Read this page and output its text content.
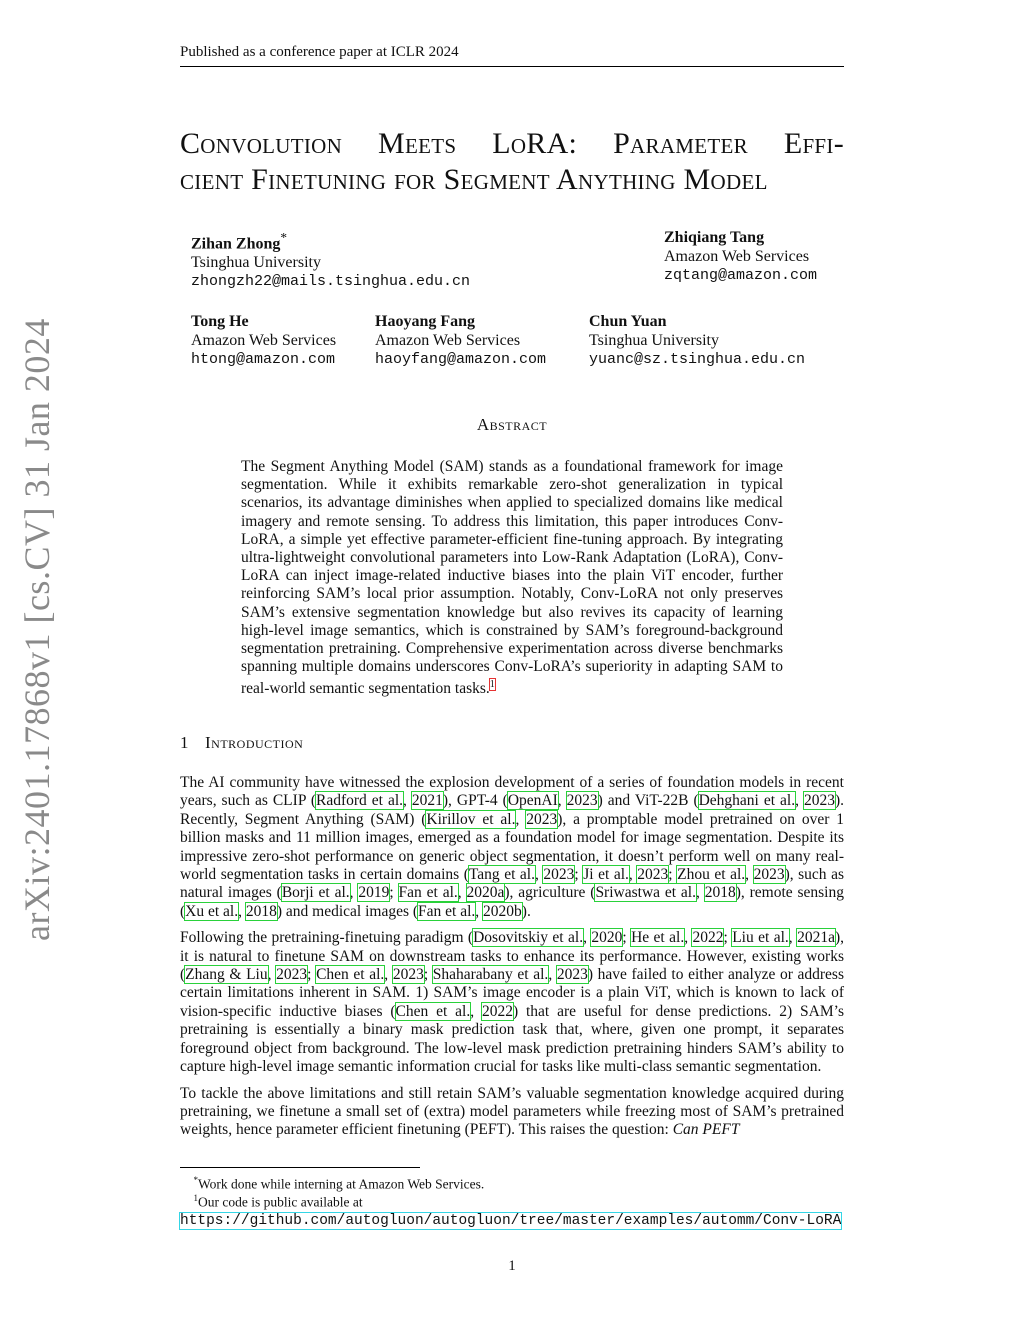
Published as a conference paper at ICLR 2024
arXiv:2401.17868v1 [cs.CV] 31 Jan 2024
Convolution Meets LoRA: Parameter Effi-
cient Finetuning for Segment Anything Model
Zihan Zhong*
Tsinghua University
zhongzh22@mails.tsinghua.edu.cn
Zhiqiang Tang
Amazon Web Services
zqtang@amazon.com
Tong He
Amazon Web Services
htong@amazon.com
Haoyang Fang
Amazon Web Services
haoyfang@amazon.com
Chun Yuan
Tsinghua University
yuanc@sz.tsinghua.edu.cn
Abstract
The Segment Anything Model (SAM) stands as a foundational framework for image segmentation. While it exhibits remarkable zero-shot generalization in typical scenarios, its advantage diminishes when applied to specialized domains like medical imagery and remote sensing. To address this limitation, this paper introduces Conv-LoRA, a simple yet effective parameter-efficient fine-tuning approach. By integrating ultra-lightweight convolutional parameters into Low-Rank Adaptation (LoRA), Conv-LoRA can inject image-related inductive biases into the plain ViT encoder, further reinforcing SAM’s local prior assumption. Notably, Conv-LoRA not only preserves SAM’s extensive segmentation knowledge but also revives its capacity of learning high-level image semantics, which is constrained by SAM’s foreground-background segmentation pretraining. Comprehensive experimentation across diverse benchmarks spanning multiple domains underscores Conv-LoRA’s superiority in adapting SAM to real-world semantic segmentation tasks.$^1$
1 Introduction

The AI community have witnessed the explosion development of a series of foundation models in recent years, such as CLIP (Radford et al., 2021), GPT-4 (OpenAI, 2023) and ViT-22B (Dehghani et al., 2023). Recently, Segment Anything (SAM) (Kirillov et al., 2023), a promptable model pretrained on over 1 billion masks and 11 million images, emerged as a foundation model for image segmentation. Despite its impressive zero-shot performance on generic object segmentation, it doesn’t perform well on many real-world segmentation tasks in certain domains (Tang et al., 2023; Ji et al., 2023; Zhou et al., 2023), such as natural images (Borji et al., 2019; Fan et al., 2020a), agriculture (Sriwastwa et al., 2018), remote sensing (Xu et al., 2018) and medical images (Fan et al., 2020b).

Following the pretraining-finetuing paradigm (Dosovitskiy et al., 2020; He et al., 2022; Liu et al., 2021a), it is natural to finetune SAM on downstream tasks to enhance its performance. However, existing works (Zhang & Liu, 2023; Chen et al., 2023; Shaharabany et al., 2023) have failed to either analyze or address certain limitations inherent in SAM. 1) SAM’s image encoder is a plain ViT, which is known to lack of vision-specific inductive biases (Chen et al., 2022) that are useful for dense predictions. 2) SAM’s pretraining is essentially a binary mask prediction task that, where, given one prompt, it separates foreground object from background. The low-level mask prediction pretraining hinders SAM’s ability to capture high-level image semantic information crucial for tasks like multi-class semantic segmentation.

To tackle the above limitations and still retain SAM’s valuable segmentation knowledge acquired during pretraining, we finetune a small set of (extra) model parameters while freezing most of SAM’s pretrained weights, hence parameter efficient finetuning (PEFT). This raises the question: Can PEFT

*Work done while interning at Amazon Web Services.
$^1$Our code is public available at https://github.com/autogluon/autogluon/tree/master/examples/automm/Conv-LoRA
1
